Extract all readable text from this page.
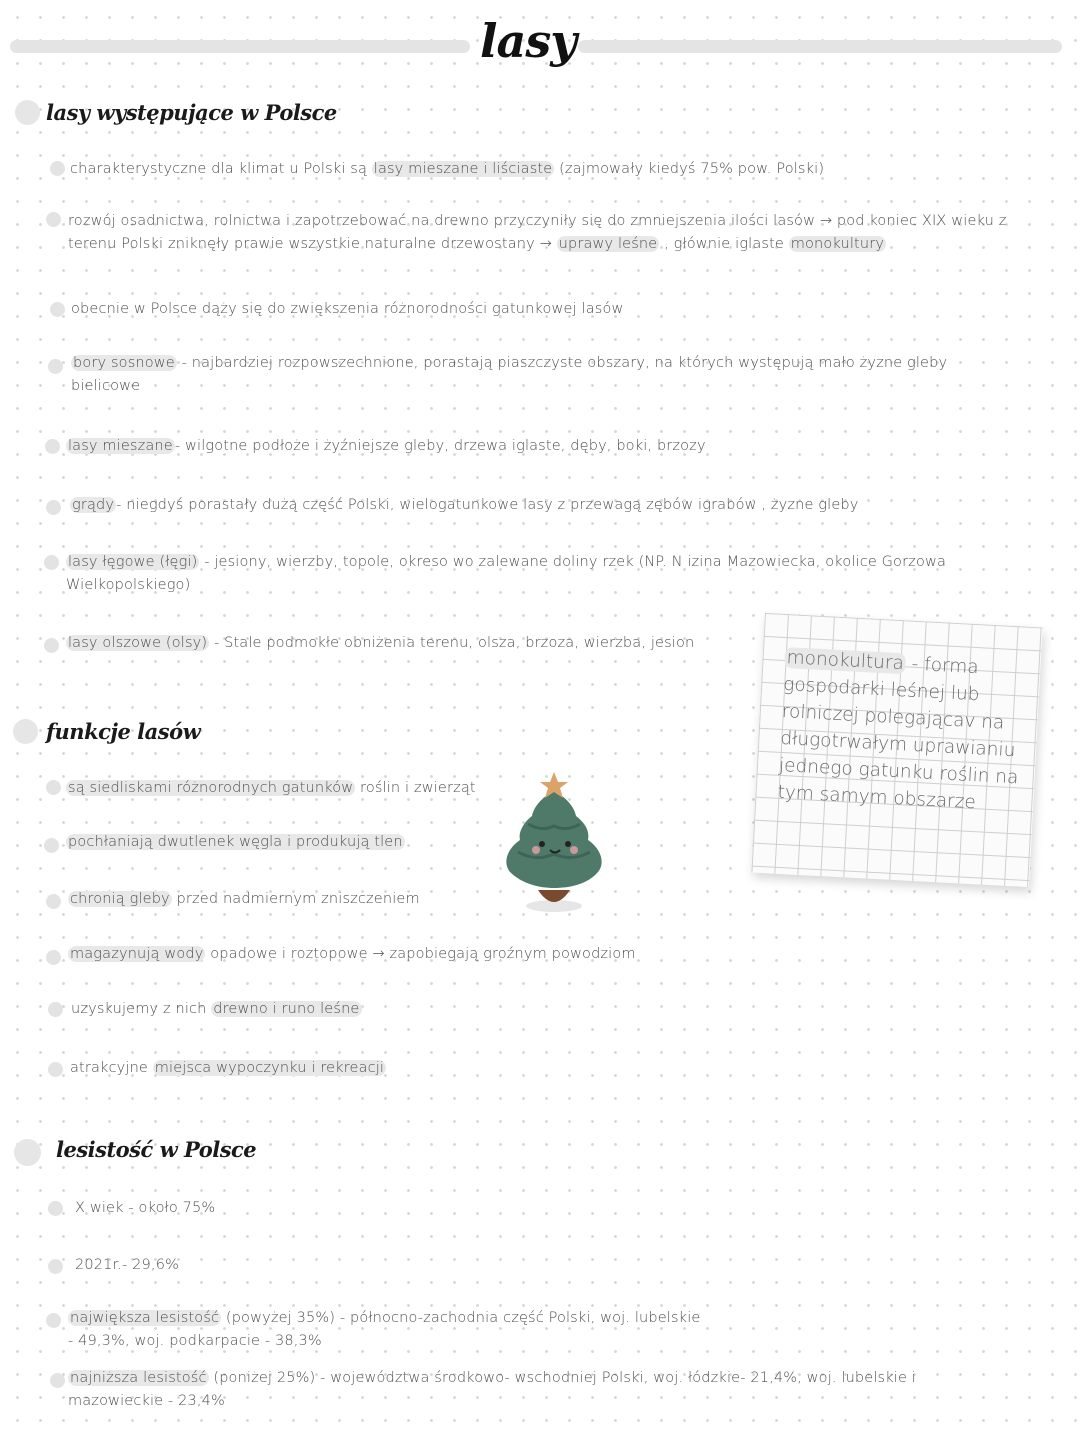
lasy
lasy występujące w Polsce
charakterystyczne dla klimat u Polski są lasy mieszane i liściaste (zajmowały kiedyś 75% pow. Polski)
rozwój osadnictwa, rolnictwa i zapotrzebować na drewno przyczyniły się do zmniejszenia ilości lasów → pod koniec XIX wieku z terenu Polski zniknęły prawie wszystkie naturalne drzewostany → uprawy leśne , głównie iglaste monokultury
obecnie w Polsce dąży się do zwiększenia różnorodności gatunkowej lasów
bory sosnowe - najbardziej rozpowszechnione, porastają piaszczyste obszary, na których występują mało żyzne gleby bielicowe
lasy mieszane - wilgotne podłoże i żyźniejsze gleby, drzewa iglaste, dęby, boki, brzozy
grądy - niegdyś porastały dużą część Polski, wielogatunkowe lasy z przewagą zębów igrabów , żyzne gleby
lasy łęgowe (łęgi) - jesiony, wierzby, topole, okreso wo zalewane doliny rzek (NP. N izina Mazowiecka, okolice Gorzowa Wielkopolskiego)
lasy olszowe (olsy) - Stale podmokłe obniżenia terenu, olsza, brzoza, wierzba, jesion
funkcje lasów
są siedliskami różnorodnych gatunków roślin i zwierząt
pochłaniają dwutlenek węgla i produkują tlen
chronią gleby przed nadmiernym zniszczeniem
magazynują wody opadowe i roztopowe → zapobiegają groźnym powodziom
uzyskujemy z nich drewno i runo leśne
atrakcyjne miejsca wypoczynku i rekreacji
lesistość w Polsce
X wiek - około 75%
2021r.- 29,6%
największa lesistość (powyżej 35%) - północno-zachodnia część Polski, woj. lubelskie - 49,3%, woj. podkarpacie - 38,3%
najniższa lesistość (poniżej 25%) - województwa środkowo- wschodniej Polski, woj. łódzkie- 21,4%, woj. lubelskie i mazowieckie - 23,4%
monokultura - forma gospodarki leśnej lub rolniczej polegającav na długotrwałym uprawianiu jednego gatunku roślin na tym samym obszarze
